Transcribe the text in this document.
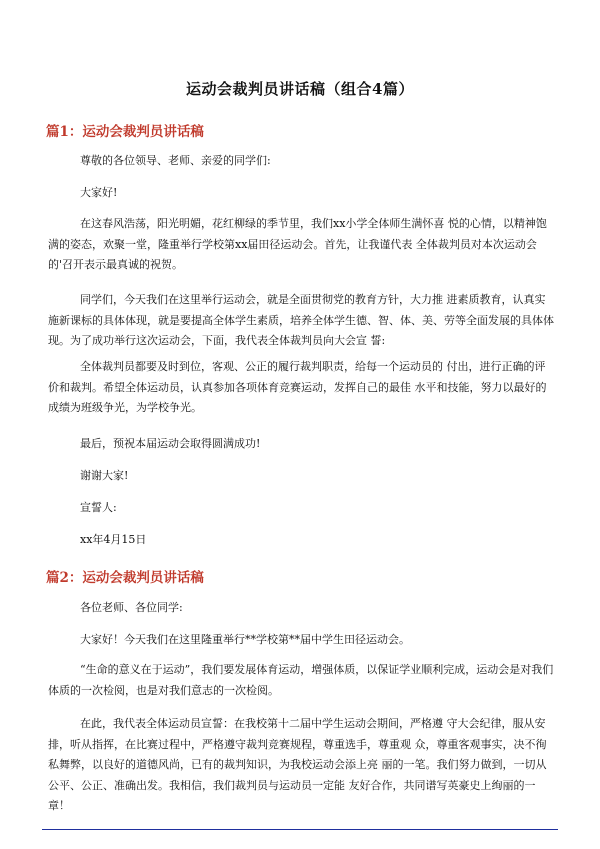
运动会裁判员讲话稿（组合4篇）
篇1：运动会裁判员讲话稿
尊敬的各位领导、老师、亲爱的同学们:
大家好!
在这春风浩荡，阳光明媚，花红柳绿的季节里，我们xx小学全体师生满怀喜 悦的心情，以精神饱满的姿态，欢聚一堂，隆重举行学校第xx届田径运动会。首先，让我谨代表 全体裁判员对本次运动会的'召开表示最真诚的祝贺。
同学们，今天我们在这里举行运动会，就是全面贯彻党的教育方针，大力推 进素质教育，认真实施新课标的具体体现，就是要提高全体学生素质，培养全体学生德、智、体、美、劳等全面发展的具体体现。为了成功举行这次运动会，下面，我代表全体裁判员向大会宣 誓:
全体裁判员都要及时到位，客观、公正的履行裁判职责，给每一个运动员的 付出，进行正确的评价和裁判。希望全体运动员，认真参加各项体育竞赛运动，发挥自己的最佳 水平和技能，努力以最好的成绩为班级争光，为学校争光。
最后，预祝本届运动会取得圆满成功!
谢谢大家!
宣誓人:
xx年4月15日
篇2：运动会裁判员讲话稿
各位老师、各位同学:
大家好！今天我们在这里隆重举行**学校第**届中学生田径运动会。
“生命的意义在于运动”，我们要发展体育运动，增强体质，以保证学业顺利完成，运动会是对我们体质的一次检阅，也是对我们意志的一次检阅。
在此，我代表全体运动员宣誓：在我校第十二届中学生运动会期间，严格遵 守大会纪律，服从安排，听从指挥，在比赛过程中，严格遵守裁判竞赛规程，尊重选手，尊重观 众，尊重客观事实，决不徇私舞弊，以良好的道德风尚，已有的裁判知识，为我校运动会添上亮 丽的一笔。我们努力做到，一切从公平、公正、准确出发。我相信，我们裁判员与运动员一定能 友好合作，共同谱写英豪史上绚丽的一章！
